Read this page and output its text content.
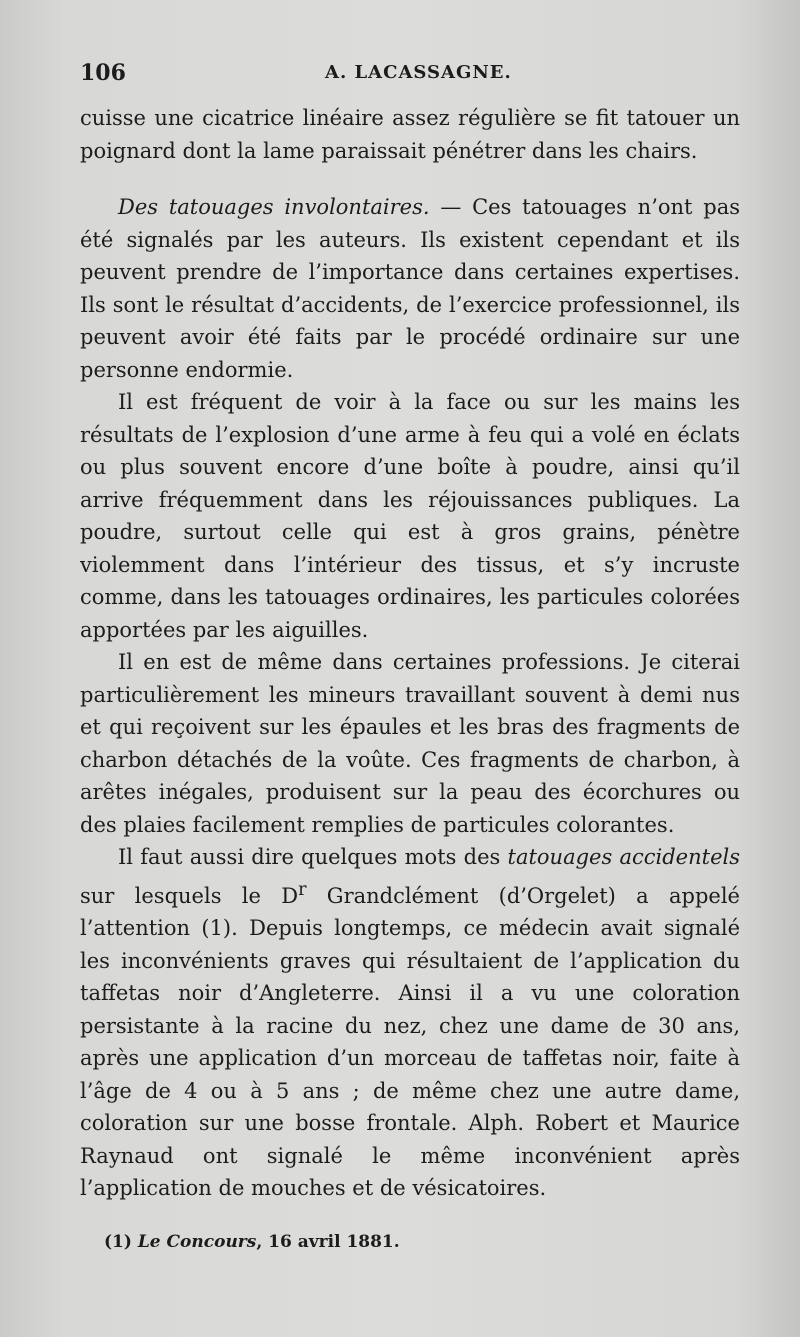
106	A. LACASSAGNE.

cuisse une cicatrice linéaire assez régulière se fit tatouer un poignard dont la lame paraissait pénétrer dans les chairs.

Des tatouages involontaires. — Ces tatouages n’ont pas été signalés par les auteurs. Ils existent cependant et ils peuvent prendre de l’importance dans certaines expertises. Ils sont le résultat d’accidents, de l’exercice professionnel, ils peuvent avoir été faits par le procédé ordinaire sur une personne endormie.

Il est fréquent de voir à la face ou sur les mains les résultats de l’explosion d’une arme à feu qui a volé en éclats ou plus souvent encore d’une boîte à poudre, ainsi qu’il arrive fréquemment dans les réjouissances publiques. La poudre, surtout celle qui est à gros grains, pénètre violemment dans l’intérieur des tissus, et s’y incruste comme, dans les tatouages ordinaires, les particules colorées apportées par les aiguilles.

Il en est de même dans certaines professions. Je citerai particulièrement les mineurs travaillant souvent à demi nus et qui reçoivent sur les épaules et les bras des fragments de charbon détachés de la voûte. Ces fragments de charbon, à arêtes inégales, produisent sur la peau des écorchures ou des plaies facilement remplies de particules colorantes.

Il faut aussi dire quelques mots des tatouages accidentels sur lesquels le $D^r$ Grandclément (d’Orgelet) a appelé l’attention (1). Depuis longtemps, ce médecin avait signalé les inconvénients graves qui résultaient de l’application du taffetas noir d’Angleterre. Ainsi il a vu une coloration persistante à la racine du nez, chez une dame de 30 ans, après une application d’un morceau de taffetas noir, faite à l’âge de 4 ou à 5 ans ; de même chez une autre dame, coloration sur une bosse frontale. Alph. Robert et Maurice Raynaud ont signalé le même inconvénient après l’application de mouches et de vésicatoires.

(1) Le Concours, 16 avril 1881.
